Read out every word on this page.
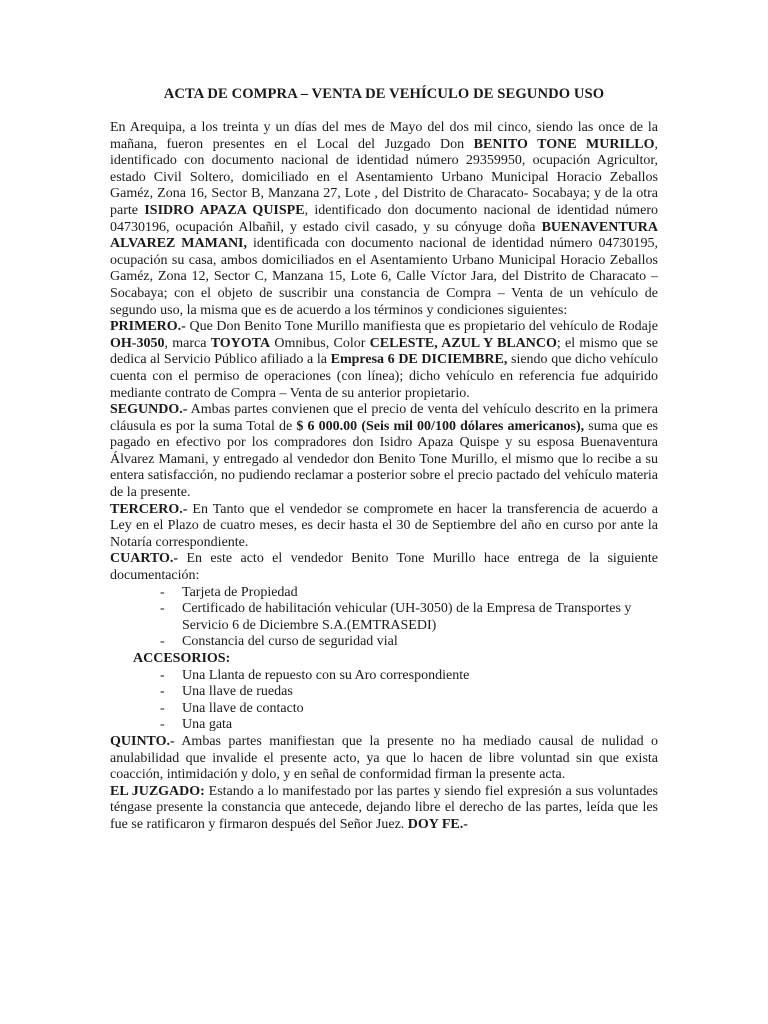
ACTA DE COMPRA – VENTA DE VEHÍCULO DE SEGUNDO USO

En Arequipa, a los treinta y un días del mes de Mayo del dos mil cinco, siendo las once de la mañana, fueron presentes en el Local del Juzgado Don BENITO TONE MURILLO, identificado con documento nacional de identidad número 29359950, ocupación Agricultor, estado Civil Soltero, domiciliado en el Asentamiento Urbano Municipal Horacio Zeballos Gaméz, Zona 16, Sector B, Manzana 27, Lote , del Distrito de Characato- Socabaya; y de la otra parte ISIDRO APAZA QUISPE, identificado don documento nacional de identidad número 04730196, ocupación Albañil, y estado civil casado, y su cónyuge doña BUENAVENTURA ALVAREZ MAMANI, identificada con documento nacional de identidad número 04730195, ocupación su casa, ambos domiciliados en el Asentamiento Urbano Municipal Horacio Zeballos Gaméz, Zona 12, Sector C, Manzana 15, Lote 6, Calle Víctor Jara, del Distrito de Characato – Socabaya; con el objeto de suscribir una constancia de Compra – Venta de un vehículo de segundo uso, la misma que es de acuerdo a los términos y condiciones siguientes:

PRIMERO.- Que Don Benito Tone Murillo manifiesta que es propietario del vehículo de Rodaje OH-3050, marca TOYOTA Omnibus, Color CELESTE, AZUL Y BLANCO; el mismo que se dedica al Servicio Público afiliado a la Empresa 6 DE DICIEMBRE, siendo que dicho vehículo cuenta con el permiso de operaciones (con línea); dicho vehículo en referencia fue adquirido mediante contrato de Compra – Venta de su anterior propietario.

SEGUNDO.- Ambas partes convienen que el precio de venta del vehículo descrito en la primera cláusula es por la suma Total de $ 6 000.00 (Seis mil 00/100 dólares americanos), suma que es pagado en efectivo por los compradores don Isidro Apaza Quispe y su esposa Buenaventura Álvarez Mamani, y entregado al vendedor don Benito Tone Murillo, el mismo que lo recibe a su entera satisfacción, no pudiendo reclamar a posterior sobre el precio pactado del vehículo materia de la presente.

TERCERO.- En Tanto que el vendedor se compromete en hacer la transferencia de acuerdo a Ley en el Plazo de cuatro meses, es decir hasta el 30 de Septiembre del año en curso por ante la Notaría correspondiente.

CUARTO.- En este acto el vendedor Benito Tone Murillo hace entrega de la siguiente documentación:

- Tarjeta de Propiedad
- Certificado de habilitación vehicular (UH-3050) de la Empresa de Transportes y Servicio 6 de Diciembre S.A.(EMTRASEDI)
- Constancia del curso de seguridad vial

ACCESORIOS:

- Una Llanta de repuesto con su Aro correspondiente
- Una llave de ruedas
- Una llave de contacto
- Una gata

QUINTO.- Ambas partes manifiestan que la presente no ha mediado causal de nulidad o anulabilidad que invalide el presente acto, ya que lo hacen de libre voluntad sin que exista coacción, intimidación y dolo, y en señal de conformidad firman la presente acta.

EL JUZGADO: Estando a lo manifestado por las partes y siendo fiel expresión a sus voluntades téngase presente la constancia que antecede, dejando libre el derecho de las partes, leída que les fue se ratificaron y firmaron después del Señor Juez. DOY FE.-
